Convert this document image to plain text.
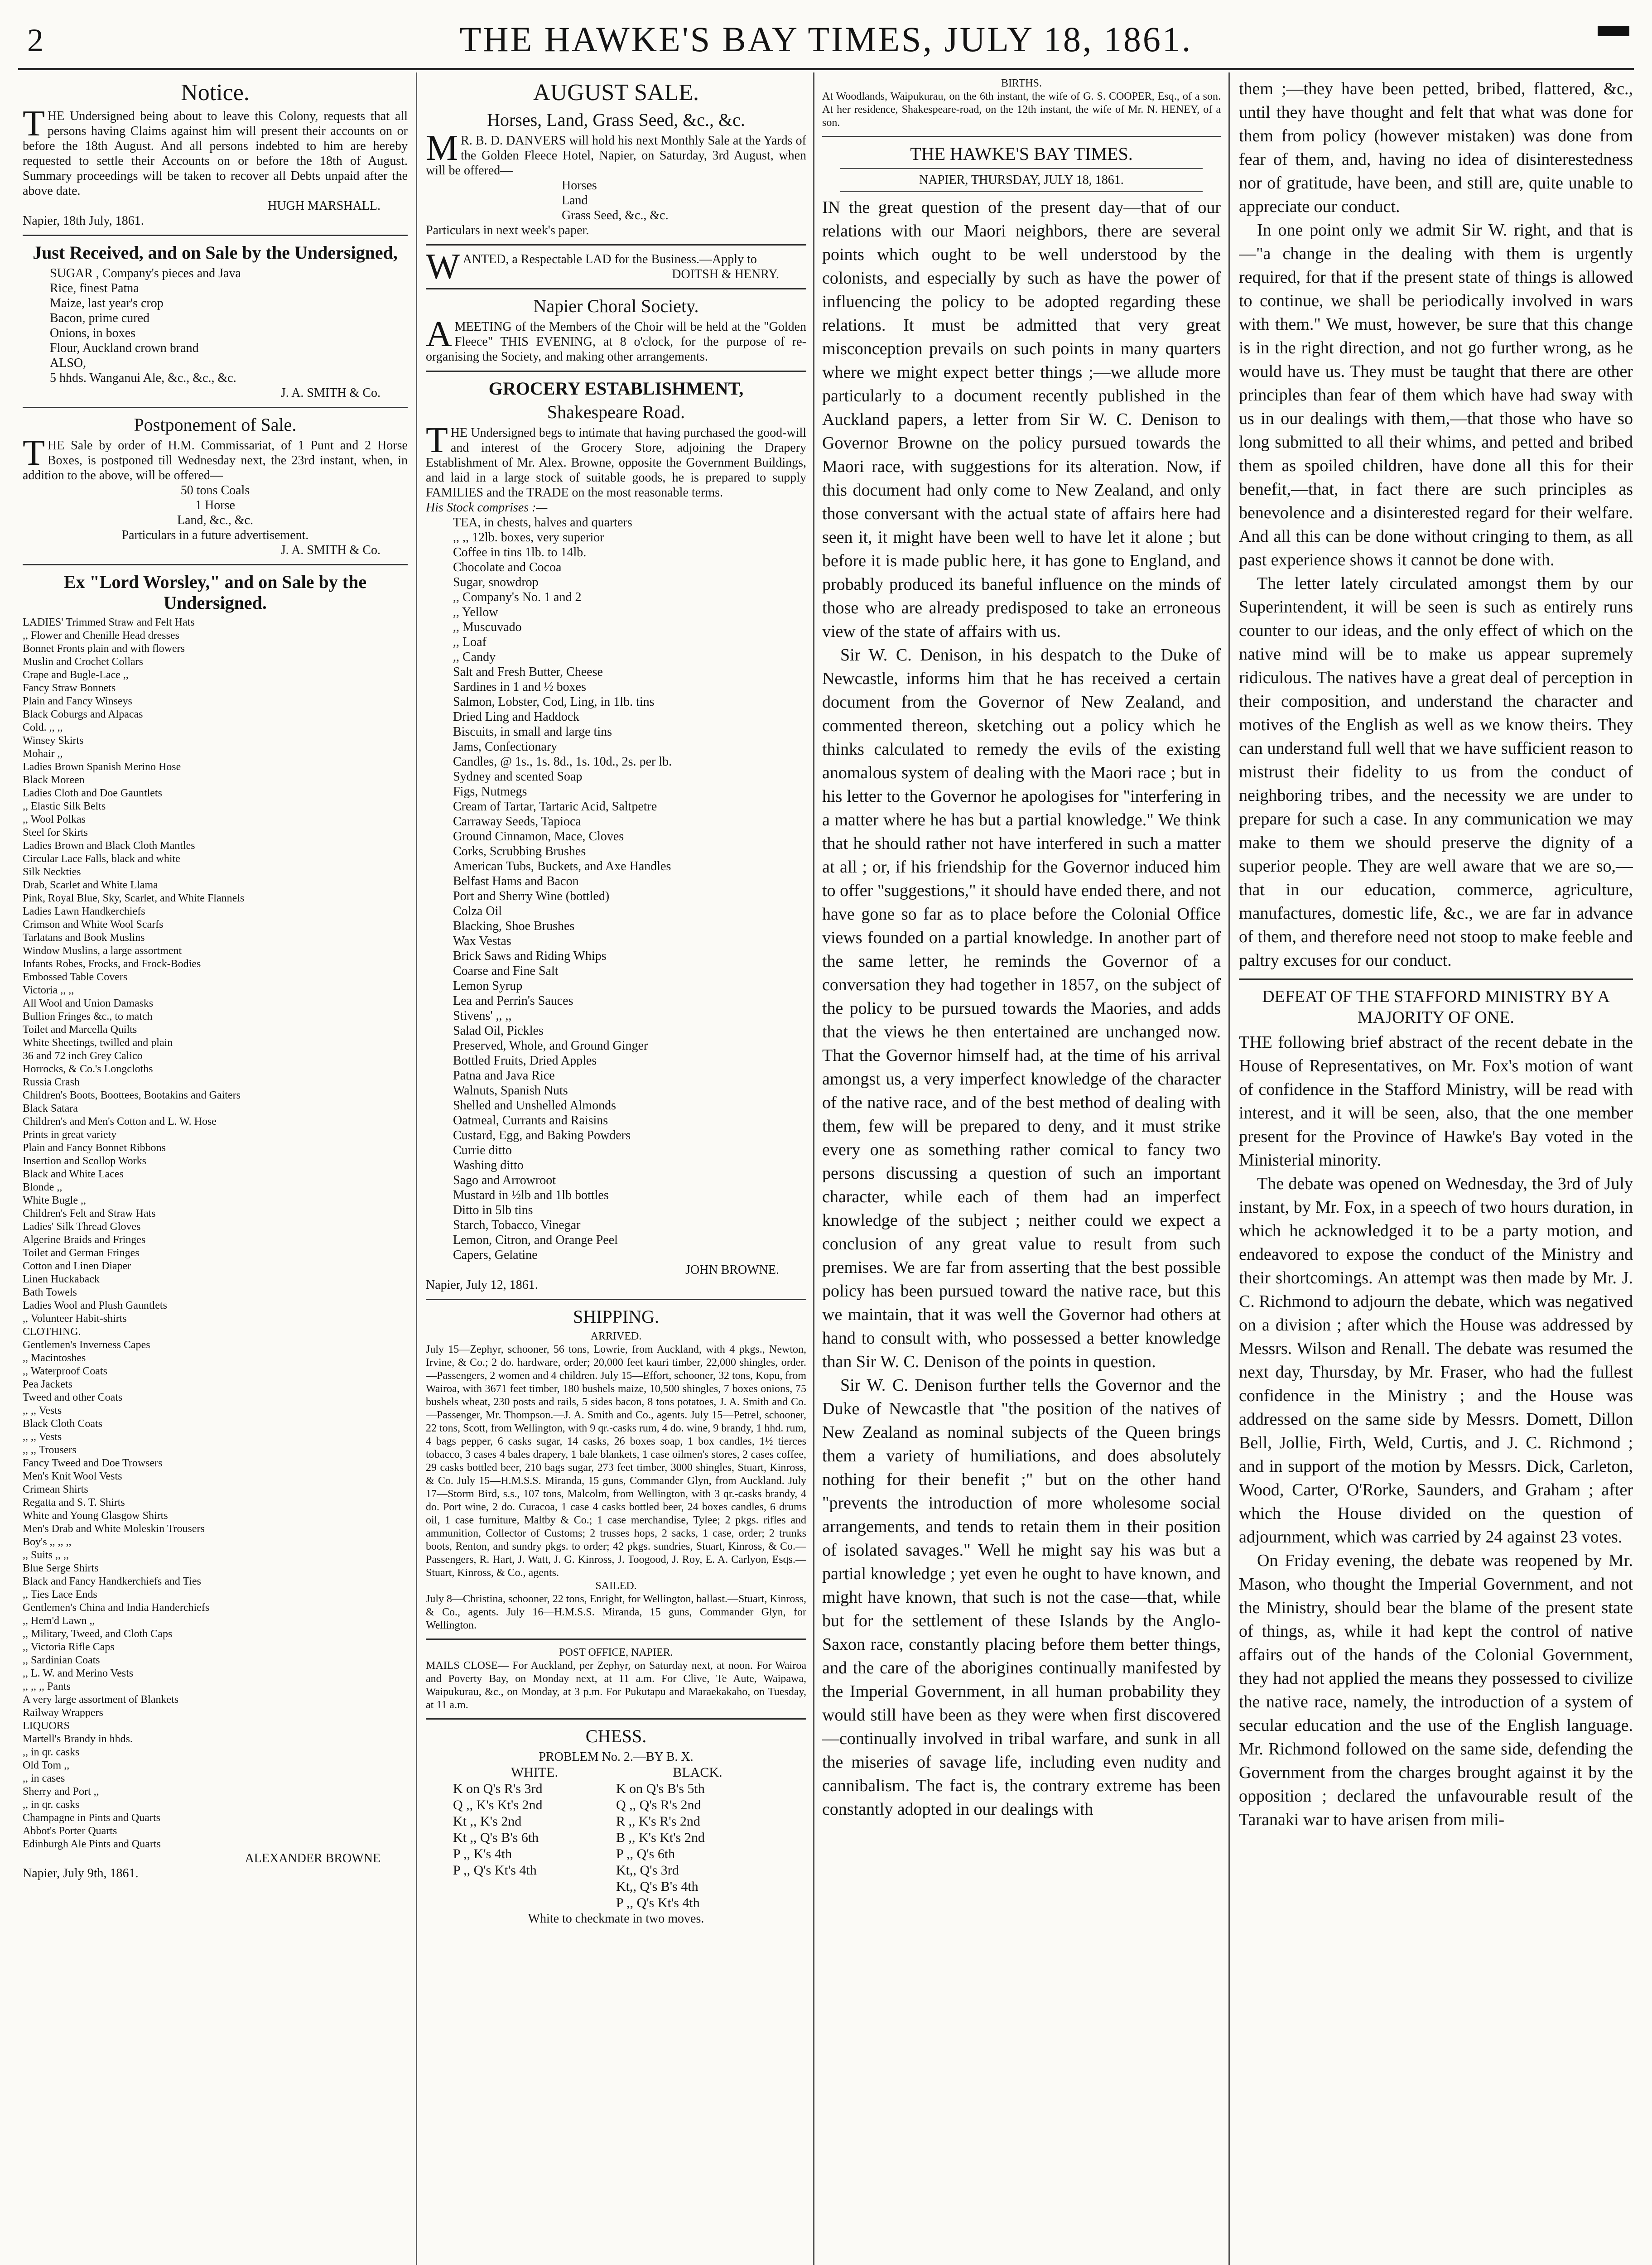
2	THE HAWKE'S BAY TIMES, JULY 18, 1861.
Notice.

THE Undersigned being about to leave this Colony, requests that all persons having Claims against him will present their accounts on or before the 18th August. And all persons indebted to him are hereby requested to settle their Accounts on or before the 18th of August. Summary proceedings will be taken to recover all Debts unpaid after the above date.

HUGH MARSHALL.
Napier, 18th July, 1861.
Just Received, and on Sale by the Undersigned,
SUGAR , Company's pieces and Java
Rice, finest Patna
Maize, last year's crop
Bacon, prime cured
Onions, in boxes
Flour, Auckland crown brand
ALSO,
5 hhds. Wanganui Ale, &c., &c., &c.
J. A. SMITH & Co.
Postponement of Sale.

THE Sale by order of H.M. Commissariat, of 1 Punt and 2 Horse Boxes, is postponed till Wednesday next, the 23rd instant, when, in addition to the above, will be offered—

50 tons Coals
1 Horse
Land, &c., &c.
Particulars in a future advertisement.
J. A. SMITH & Co.
Ex "Lord Worsley," and on Sale by the Undersigned.
LADIES' Trimmed Straw and Felt Hats
,, Flower and Chenille Head dresses
Bonnet Fronts plain and with flowers
Muslin and Crochet Collars
Crape and Bugle-Lace ,,
Fancy Straw Bonnets
Plain and Fancy Winseys
Black Coburgs and Alpacas
Cold. ,, ,,
Winsey Skirts
Mohair ,,
Ladies Brown Spanish Merino Hose
Black Moreen
Ladies Cloth and Doe Gauntlets
,, Elastic Silk Belts
,, Wool Polkas
Steel for Skirts
Ladies Brown and Black Cloth Mantles
Circular Lace Falls, black and white
Silk Neckties
Drab, Scarlet and White Llama
Pink, Royal Blue, Sky, Scarlet, and White Flannels
Ladies Lawn Handkerchiefs
Crimson and White Wool Scarfs
Tarlatans and Book Muslins
Window Muslins, a large assortment
Infants Robes, Frocks, and Frock-Bodies
Embossed Table Covers
Victoria ,, ,,
All Wool and Union Damasks
Bullion Fringes &c., to match
Toilet and Marcella Quilts
White Sheetings, twilled and plain
36 and 72 inch Grey Calico
Horrocks, & Co.'s Longcloths
Russia Crash
Children's Boots, Boottees, Bootakins and Gaiters
Black Satara
Children's and Men's Cotton and L. W. Hose
Prints in great variety
Plain and Fancy Bonnet Ribbons
Insertion and Scollop Works
Black and White Laces
Blonde ,,
White Bugle ,,
Children's Felt and Straw Hats
Ladies' Silk Thread Gloves
Algerine Braids and Fringes
Toilet and German Fringes
Cotton and Linen Diaper
Linen Huckaback
Bath Towels
Ladies Wool and Plush Gauntlets
,, Volunteer Habit-shirts
CLOTHING.
Gentlemen's Inverness Capes
,, Macintoshes
,, Waterproof Coats
Pea Jackets
Tweed and other Coats
,, ,, Vests
Black Cloth Coats
,, ,, Vests
,, ,, Trousers
Fancy Tweed and Doe Trowsers
Men's Knit Wool Vests
Crimean Shirts
Regatta and S. T. Shirts
White and Young Glasgow Shirts
Men's Drab and White Moleskin Trousers
Boy's ,, ,, ,,
,, Suits ,, ,,
Blue Serge Shirts
Black and Fancy Handkerchiefs and Ties
,, Ties Lace Ends
Gentlemen's China and India Handerchiefs
,, Hem'd Lawn ,,
,, Military, Tweed, and Cloth Caps
,, Victoria Rifle Caps
,, Sardinian Coats
,, L. W. and Merino Vests
,, ,, ,, Pants
A very large assortment of Blankets
Railway Wrappers
LIQUORS
Martell's Brandy in hhds.
,, in qr. casks
Old Tom ,,
,, in cases
Sherry and Port ,,
,, in qr. casks
Champagne in Pints and Quarts
Abbot's Porter Quarts
Edinburgh Ale Pints and Quarts
ALEXANDER BROWNE
Napier, July 9th, 1861.
AUGUST SALE.
Horses, Land, Grass Seed, &c., &c.

MR. B. D. DANVERS will hold his next Monthly Sale at the Yards of the Golden Fleece Hotel, Napier, on Saturday, 3rd August, when will be offered—

Horses
Land
Grass Seed, &c., &c.
Particulars in next week's paper.

WANTED, a Respectable LAD for the Business.—Apply to

DOITSH & HENRY.
Napier Choral Society.

AMEETING of the Members of the Choir will be held at the "Golden Fleece" THIS EVENING, at 8 o'clock, for the purpose of re-organising the Society, and making other arrangements.

GROCERY ESTABLISHMENT,
Shakespeare Road.

THE Undersigned begs to intimate that having purchased the good-will and interest of the Grocery Store, adjoining the Drapery Establishment of Mr. Alex. Browne, opposite the Government Buildings, and laid in a large stock of suitable goods, he is prepared to supply FAMILIES and the TRADE on the most reasonable terms.

His Stock comprises :—
TEA, in chests, halves and quarters
,, ,, 12lb. boxes, very superior
Coffee in tins 1lb. to 14lb.
Chocolate and Cocoa
Sugar, snowdrop
,, Company's No. 1 and 2
,, Yellow
,, Muscuvado
,, Loaf
,, Candy
Salt and Fresh Butter, Cheese
Sardines in 1 and ½ boxes
Salmon, Lobster, Cod, Ling, in 1lb. tins
Dried Ling and Haddock
Biscuits, in small and large tins
Jams, Confectionary
Candles, @ 1s., 1s. 8d., 1s. 10d., 2s. per lb.
Sydney and scented Soap
Figs, Nutmegs
Cream of Tartar, Tartaric Acid, Saltpetre
Carraway Seeds, Tapioca
Ground Cinnamon, Mace, Cloves
Corks, Scrubbing Brushes
American Tubs, Buckets, and Axe Handles
Belfast Hams and Bacon
Port and Sherry Wine (bottled)
Colza Oil
Blacking, Shoe Brushes
Wax Vestas
Brick Saws and Riding Whips
Coarse and Fine Salt
Lemon Syrup
Lea and Perrin's Sauces
Stivens' ,, ,,
Salad Oil, Pickles
Preserved, Whole, and Ground Ginger
Bottled Fruits, Dried Apples
Patna and Java Rice
Walnuts, Spanish Nuts
Shelled and Unshelled Almonds
Oatmeal, Currants and Raisins
Custard, Egg, and Baking Powders
Currie ditto
Washing ditto
Sago and Arrowroot
Mustard in ½lb and 1lb bottles
Ditto in 5lb tins
Starch, Tobacco, Vinegar
Lemon, Citron, and Orange Peel
Capers, Gelatine
JOHN BROWNE.
Napier, July 12, 1861.
SHIPPING.
ARRIVED.

July 15—Zephyr, schooner, 56 tons, Lowrie, from Auckland, with 4 pkgs., Newton, Irvine, & Co.; 2 do. hardware, order; 20,000 feet kauri timber, 22,000 shingles, order.—Passengers, 2 women and 4 children. July 15—Effort, schooner, 32 tons, Kopu, from Wairoa, with 3671 feet timber, 180 bushels maize, 10,500 shingles, 7 boxes onions, 75 bushels wheat, 230 posts and rails, 5 sides bacon, 8 tons potatoes, J. A. Smith and Co.—Passenger, Mr. Thompson.—J. A. Smith and Co., agents. July 15—Petrel, schooner, 22 tons, Scott, from Wellington, with 9 qr.-casks rum, 4 do. wine, 9 brandy, 1 hhd. rum, 4 bags pepper, 6 casks sugar, 14 casks, 26 boxes soap, 1 box candles, 1½ tierces tobacco, 3 cases 4 bales drapery, 1 bale blankets, 1 case oilmen's stores, 2 cases coffee, 29 casks bottled beer, 210 bags sugar, 273 feet timber, 3000 shingles, Stuart, Kinross, & Co. July 15—H.M.S.S. Miranda, 15 guns, Commander Glyn, from Auckland. July 17—Storm Bird, s.s., 107 tons, Malcolm, from Wellington, with 3 qr.-casks brandy, 4 do. Port wine, 2 do. Curacoa, 1 case 4 casks bottled beer, 24 boxes candles, 6 drums oil, 1 case furniture, Maltby & Co.; 1 case merchandise, Tylee; 2 pkgs. rifles and ammunition, Collector of Customs; 2 trusses hops, 2 sacks, 1 case, order; 2 trunks boots, Renton, and sundry pkgs. to order; 42 pkgs. sundries, Stuart, Kinross, & Co.—Passengers, R. Hart, J. Watt, J. G. Kinross, J. Toogood, J. Roy, E. A. Carlyon, Esqs.—Stuart, Kinross, & Co., agents.

SAILED.

July 8—Christina, schooner, 22 tons, Enright, for Wellington, ballast.—Stuart, Kinross, & Co., agents. July 16—H.M.S.S. Miranda, 15 guns, Commander Glyn, for Wellington.

POST OFFICE, NAPIER.

MAILS CLOSE— For Auckland, per Zephyr, on Saturday next, at noon. For Wairoa and Poverty Bay, on Monday next, at 11 a.m. For Clive, Te Aute, Waipawa, Waipukurau, &c., on Monday, at 3 p.m. For Pukutapu and Maraekakaho, on Tuesday, at 11 a.m.

CHESS.
PROBLEM No. 2.—BY B. X.
WHITE.
K on Q's R's 3rd
Q ,, K's Kt's 2nd
Kt ,, K's 2nd
Kt ,, Q's B's 6th
P ,, K's 4th
P ,, Q's Kt's 4th
BLACK.
K on Q's B's 5th
Q ,, Q's R's 2nd
R ,, K's R's 2nd
B ,, K's Kt's 2nd
P ,, Q's 6th
Kt,, Q's 3rd
Kt,, Q's B's 4th
P ,, Q's Kt's 4th
White to checkmate in two moves.
BIRTHS.

At Woodlands, Waipukurau, on the 6th instant, the wife of G. S. COOPER, Esq., of a son. At her residence, Shakespeare-road, on the 12th instant, the wife of Mr. N. HENEY, of a son.

THE HAWKE'S BAY TIMES.
NAPIER, THURSDAY, JULY 18, 1861.

IN the great question of the present day—that of our relations with our Maori neighbors, there are several points which ought to be well understood by the colonists, and especially by such as have the power of influencing the policy to be adopted regarding these relations. It must be admitted that very great misconception prevails on such points in many quarters where we might expect better things ;—we allude more particularly to a document recently published in the Auckland papers, a letter from Sir W. C. Denison to Governor Browne on the policy pursued towards the Maori race, with suggestions for its alteration. Now, if this document had only come to New Zealand, and only those conversant with the actual state of affairs here had seen it, it might have been well to have let it alone ; but before it is made public here, it has gone to England, and probably produced its baneful influence on the minds of those who are already predisposed to take an erroneous view of the state of affairs with us.

Sir W. C. Denison, in his despatch to the Duke of Newcastle, informs him that he has received a certain document from the Governor of New Zealand, and commented thereon, sketching out a policy which he thinks calculated to remedy the evils of the existing anomalous system of dealing with the Maori race ; but in his letter to the Governor he apologises for "interfering in a matter where he has but a partial knowledge." We think that he should rather not have interfered in such a matter at all ; or, if his friendship for the Governor induced him to offer "suggestions," it should have ended there, and not have gone so far as to place before the Colonial Office views founded on a partial knowledge. In another part of the same letter, he reminds the Governor of a conversation they had together in 1857, on the subject of the policy to be pursued towards the Maories, and adds that the views he then entertained are unchanged now. That the Governor himself had, at the time of his arrival amongst us, a very imperfect knowledge of the character of the native race, and of the best method of dealing with them, few will be prepared to deny, and it must strike every one as something rather comical to fancy two persons discussing a question of such an important character, while each of them had an imperfect knowledge of the subject ; neither could we expect a conclusion of any great value to result from such premises. We are far from asserting that the best possible policy has been pursued toward the native race, but this we maintain, that it was well the Governor had others at hand to consult with, who possessed a better knowledge than Sir W. C. Denison of the points in question.

Sir W. C. Denison further tells the Governor and the Duke of Newcastle that "the position of the natives of New Zealand as nominal subjects of the Queen brings them a variety of humiliations, and does absolutely nothing for their benefit ;" but on the other hand "prevents the introduction of more wholesome social arrangements, and tends to retain them in their position of isolated savages." Well he might say his was but a partial knowledge ; yet even he ought to have known, and might have known, that such is not the case—that, while but for the settlement of these Islands by the Anglo-Saxon race, constantly placing before them better things, and the care of the aborigines continually manifested by the Imperial Government, in all human probability they would still have been as they were when first discovered—continually involved in tribal warfare, and sunk in all the miseries of savage life, including even nudity and cannibalism. The fact is, the contrary extreme has been constantly adopted in our dealings with

them ;—they have been petted, bribed, flattered, &c., until they have thought and felt that what was done for them from policy (however mistaken) was done from fear of them, and, having no idea of disinterestedness nor of gratitude, have been, and still are, quite unable to appreciate our conduct.

In one point only we admit Sir W. right, and that is—"a change in the dealing with them is urgently required, for that if the present state of things is allowed to continue, we shall be periodically involved in wars with them." We must, however, be sure that this change is in the right direction, and not go further wrong, as he would have us. They must be taught that there are other principles than fear of them which have had sway with us in our dealings with them,—that those who have so long submitted to all their whims, and petted and bribed them as spoiled children, have done all this for their benefit,—that, in fact there are such principles as benevolence and a disinterested regard for their welfare. And all this can be done without cringing to them, as all past experience shows it cannot be done with.

The letter lately circulated amongst them by our Superintendent, it will be seen is such as entirely runs counter to our ideas, and the only effect of which on the native mind will be to make us appear supremely ridiculous. The natives have a great deal of perception in their composition, and understand the character and motives of the English as well as we know theirs. They can understand full well that we have sufficient reason to mistrust their fidelity to us from the conduct of neighboring tribes, and the necessity we are under to prepare for such a case. In any communication we may make to them we should preserve the dignity of a superior people. They are well aware that we are so,—that in our education, commerce, agriculture, manufactures, domestic life, &c., we are far in advance of them, and therefore need not stoop to make feeble and paltry excuses for our conduct.

DEFEAT OF THE STAFFORD MINISTRY BY A MAJORITY OF ONE.

THE following brief abstract of the recent debate in the House of Representatives, on Mr. Fox's motion of want of confidence in the Stafford Ministry, will be read with interest, and it will be seen, also, that the one member present for the Province of Hawke's Bay voted in the Ministerial minority.

The debate was opened on Wednesday, the 3rd of July instant, by Mr. Fox, in a speech of two hours duration, in which he acknowledged it to be a party motion, and endeavored to expose the conduct of the Ministry and their shortcomings. An attempt was then made by Mr. J. C. Richmond to adjourn the debate, which was negatived on a division ; after which the House was addressed by Messrs. Wilson and Renall. The debate was resumed the next day, Thursday, by Mr. Fraser, who had the fullest confidence in the Ministry ; and the House was addressed on the same side by Messrs. Domett, Dillon Bell, Jollie, Firth, Weld, Curtis, and J. C. Richmond ; and in support of the motion by Messrs. Dick, Carleton, Wood, Carter, O'Rorke, Saunders, and Graham ; after which the House divided on the question of adjournment, which was carried by 24 against 23 votes.

On Friday evening, the debate was reopened by Mr. Mason, who thought the Imperial Government, and not the Ministry, should bear the blame of the present state of things, as, while it had kept the control of native affairs out of the hands of the Colonial Government, they had not applied the means they possessed to civilize the native race, namely, the introduction of a system of secular education and the use of the English language. Mr. Richmond followed on the same side, defending the Government from the charges brought against it by the opposition ; declared the unfavourable result of the Taranaki war to have arisen from mili-
